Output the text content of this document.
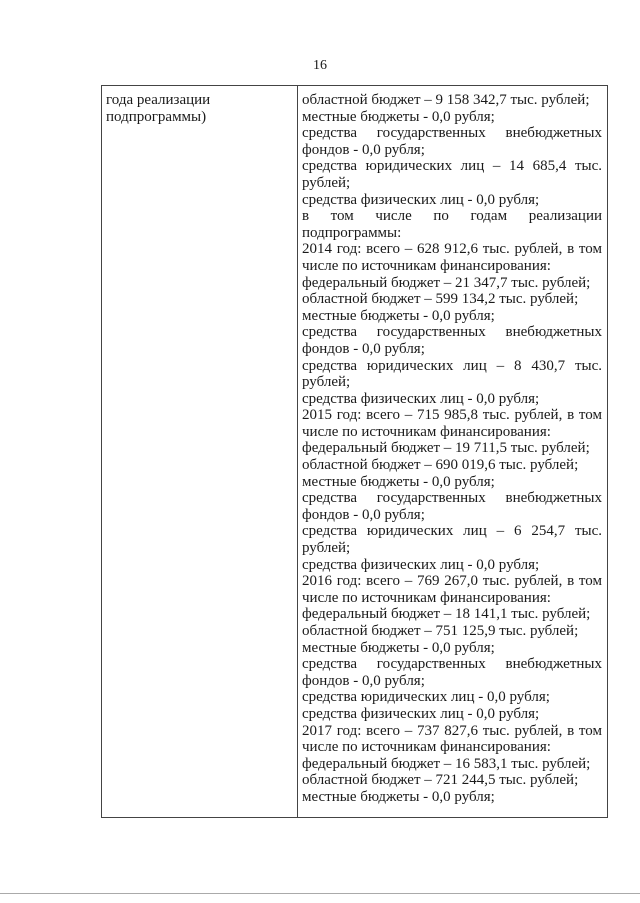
16
года реализации
подпрограммы)
областной бюджет – 9 158 342,7 тыс. рублей;
местные бюджеты - 0,0 рубля;
средства государственных внебюджетных
фондов - 0,0 рубля;
средства юридических лиц – 14 685,4 тыс.
рублей;
средства физических лиц - 0,0 рубля;
в том числе по годам реализации
подпрограммы:
2014 год: всего – 628 912,6 тыс. рублей, в том
числе по источникам финансирования:
федеральный бюджет – 21 347,7 тыс. рублей;
областной бюджет – 599 134,2 тыс. рублей;
местные бюджеты - 0,0 рубля;
средства государственных внебюджетных
фондов - 0,0 рубля;
средства юридических лиц – 8 430,7 тыс.
рублей;
средства физических лиц - 0,0 рубля;
2015 год: всего – 715 985,8 тыс. рублей, в том
числе по источникам финансирования:
федеральный бюджет – 19 711,5 тыс. рублей;
областной бюджет – 690 019,6 тыс. рублей;
местные бюджеты - 0,0 рубля;
средства государственных внебюджетных
фондов - 0,0 рубля;
средства юридических лиц – 6 254,7 тыс.
рублей;
средства физических лиц - 0,0 рубля;
2016 год: всего – 769 267,0 тыс. рублей, в том
числе по источникам финансирования:
федеральный бюджет – 18 141,1 тыс. рублей;
областной бюджет – 751 125,9 тыс. рублей;
местные бюджеты - 0,0 рубля;
средства государственных внебюджетных
фондов - 0,0 рубля;
средства юридических лиц - 0,0 рубля;
средства физических лиц - 0,0 рубля;
2017 год: всего – 737 827,6 тыс. рублей, в том
числе по источникам финансирования:
федеральный бюджет – 16 583,1 тыс. рублей;
областной бюджет – 721 244,5 тыс. рублей;
местные бюджеты - 0,0 рубля;
